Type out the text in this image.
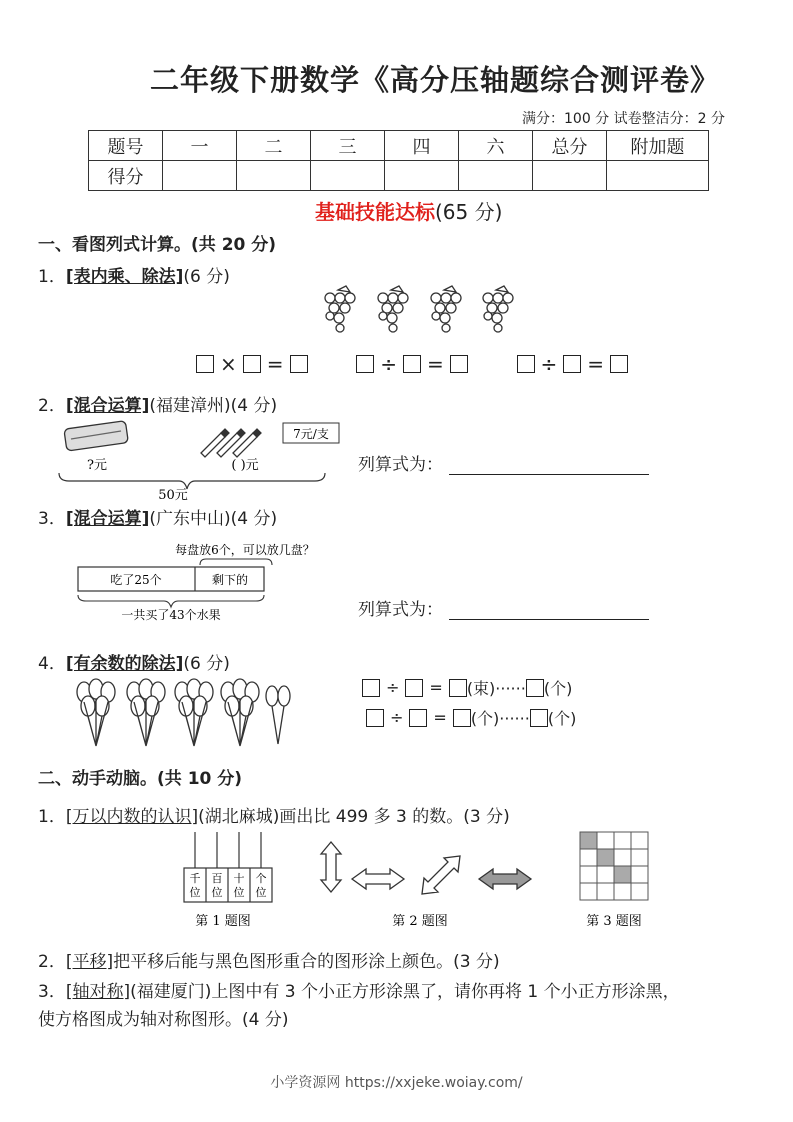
二年级下册数学《高分压轴题综合测评卷》
满分：100 分 试卷整洁分：2 分
题号	一	二	三	四	六	总分	附加题
得分							
基础技能达标(65 分)
一、看图列式计算。(共 20 分)
1．[表内乘、除法](6 分)
× =	÷ =	÷ =
2．[混合运算](福建漳州)(4 分)
7元/支
?元	( )元
50元
列算式为：
3．[混合运算](广东中山)(4 分)
每盘放6个，可以放几盘？
吃了25个	剩下的
一共买了43个水果	列算式为：
4．[有余数的除法](6 分)
÷ = (束)······ (个)
÷ = (个)······ (个)
二、动手动脑。(共 10 分)
1．[万以内数的认识](湖北麻城)画出比 499 多 3 的数。(3 分)
千
位
百
位
十
位
个
位
第 1 题图	第 2 题图	第 3 题图
2．[平移]把平移后能与黑色图形重合的图形涂上颜色。(3 分)
3．[轴对称](福建厦门)上图中有 3 个小正方形涂黑了，请你再将 1 个小正方形涂黑，
使方格图成为轴对称图形。(4 分)
小学资源网 https://xxjeke.woiay.com/
